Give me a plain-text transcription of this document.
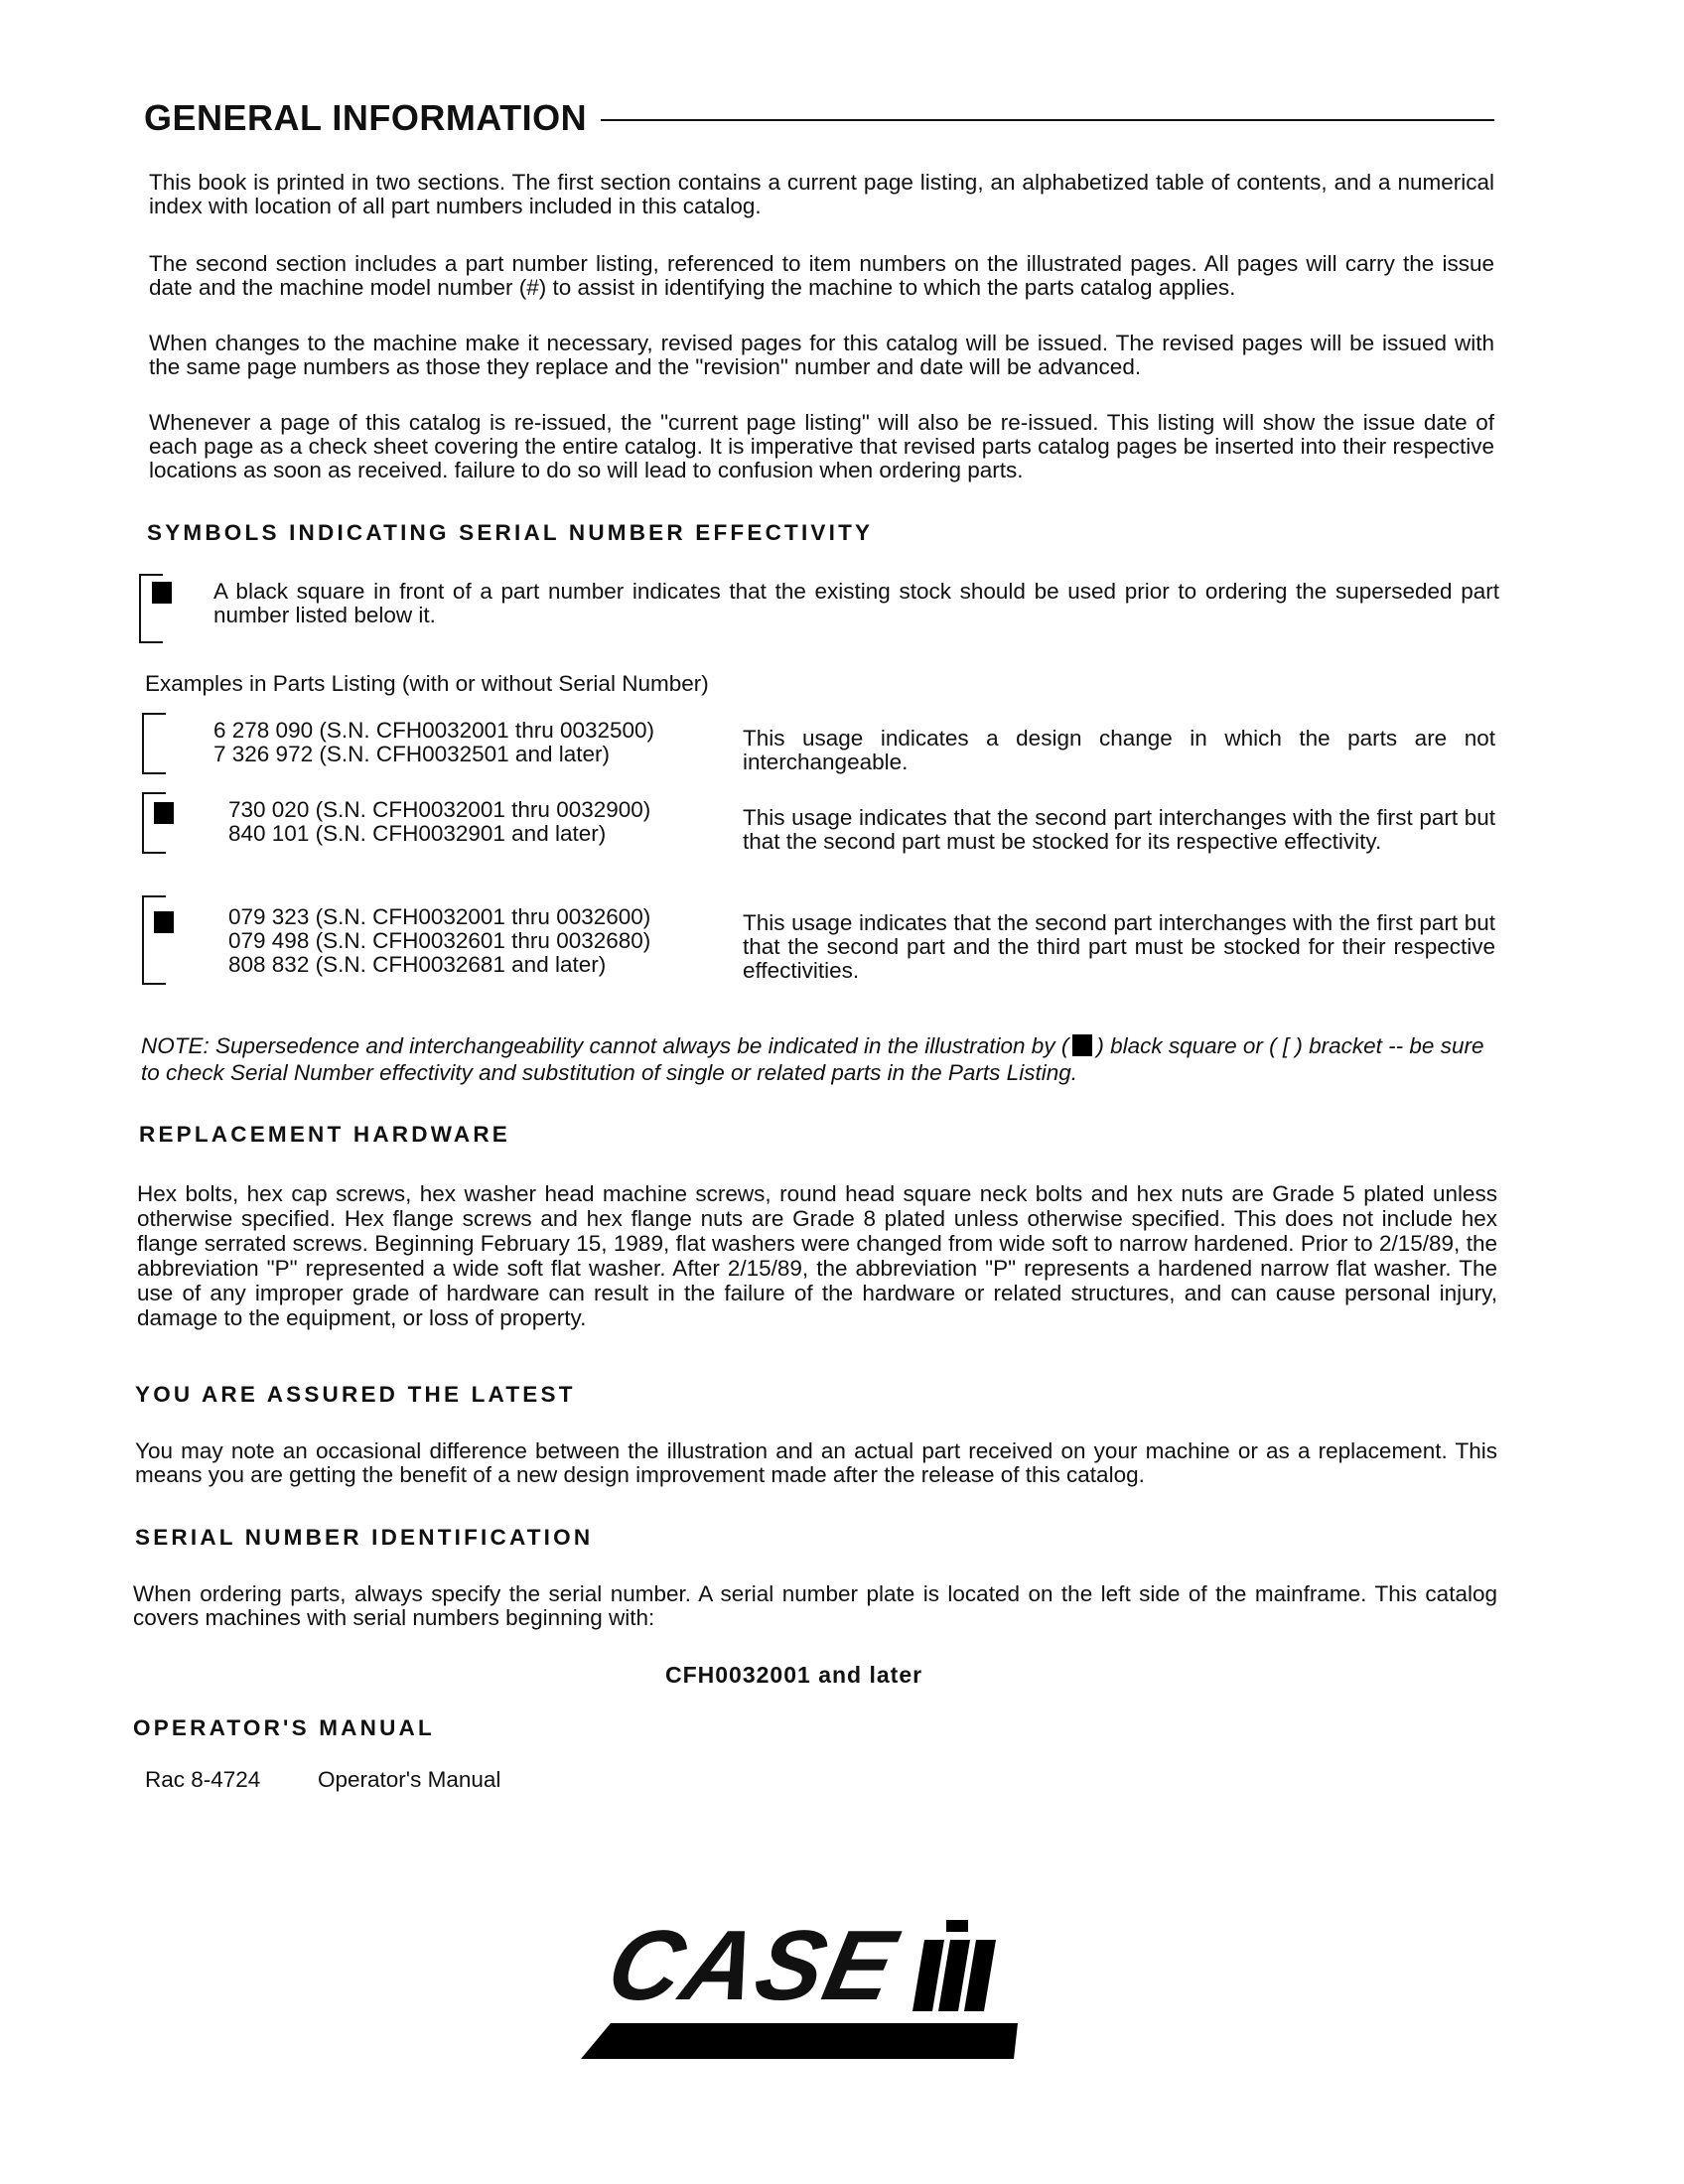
GENERAL INFORMATION

This book is printed in two sections. The first section contains a current page listing, an alphabetized table of contents, and a numerical index with location of all part numbers included in this catalog.

The second section includes a part number listing, referenced to item numbers on the illustrated pages. All pages will carry the issue date and the machine model number (#) to assist in identifying the machine to which the parts catalog applies.

When changes to the machine make it necessary, revised pages for this catalog will be issued. The revised pages will be issued with the same page numbers as those they replace and the "revision" number and date will be advanced.

Whenever a page of this catalog is re-issued, the "current page listing" will also be re-issued. This listing will show the issue date of each page as a check sheet covering the entire catalog. It is imperative that revised parts catalog pages be inserted into their respective locations as soon as received. failure to do so will lead to confusion when ordering parts.

SYMBOLS INDICATING SERIAL NUMBER EFFECTIVITY

A black square in front of a part number indicates that the existing stock should be used prior to ordering the superseded part number listed below it.

Examples in Parts Listing (with or without Serial Number)
6 278 090 (S.N. CFH0032001 thru 0032500)
7 326 972 (S.N. CFH0032501 and later)
This usage indicates a design change in which the parts are not interchangeable.
730 020 (S.N. CFH0032001 thru 0032900)
840 101 (S.N. CFH0032901 and later)
This usage indicates that the second part interchanges with the first part but that the second part must be stocked for its respective effectivity.
079 323 (S.N. CFH0032001 thru 0032600)
079 498 (S.N. CFH0032601 thru 0032680)
808 832 (S.N. CFH0032681 and later)
This usage indicates that the second part interchanges with the first part but that the second part and the third part must be stocked for their respective effectivities.
NOTE: Supersedence and interchangeability cannot always be indicated in the illustration by ( ) black square or ( [ ) bracket -- be sure to check Serial Number effectivity and substitution of single or related parts in the Parts Listing.
REPLACEMENT HARDWARE

Hex bolts, hex cap screws, hex washer head machine screws, round head square neck bolts and hex nuts are Grade 5 plated unless otherwise specified. Hex flange screws and hex flange nuts are Grade 8 plated unless otherwise specified. This does not include hex flange serrated screws. Beginning February 15, 1989, flat washers were changed from wide soft to narrow hardened. Prior to 2/15/89, the abbreviation "P" represented a wide soft flat washer. After 2/15/89, the abbreviation "P" represents a hardened narrow flat washer. The use of any improper grade of hardware can result in the failure of the hardware or related structures, and can cause personal injury, damage to the equipment, or loss of property.

YOU ARE ASSURED THE LATEST

You may note an occasional difference between the illustration and an actual part received on your machine or as a replacement. This means you are getting the benefit of a new design improvement made after the release of this catalog.

SERIAL NUMBER IDENTIFICATION

When ordering parts, always specify the serial number. A serial number plate is located on the left side of the mainframe. This catalog covers machines with serial numbers beginning with:

CFH0032001 and later
OPERATOR'S MANUAL
Rac 8-4724	Operator's Manual
CASE
